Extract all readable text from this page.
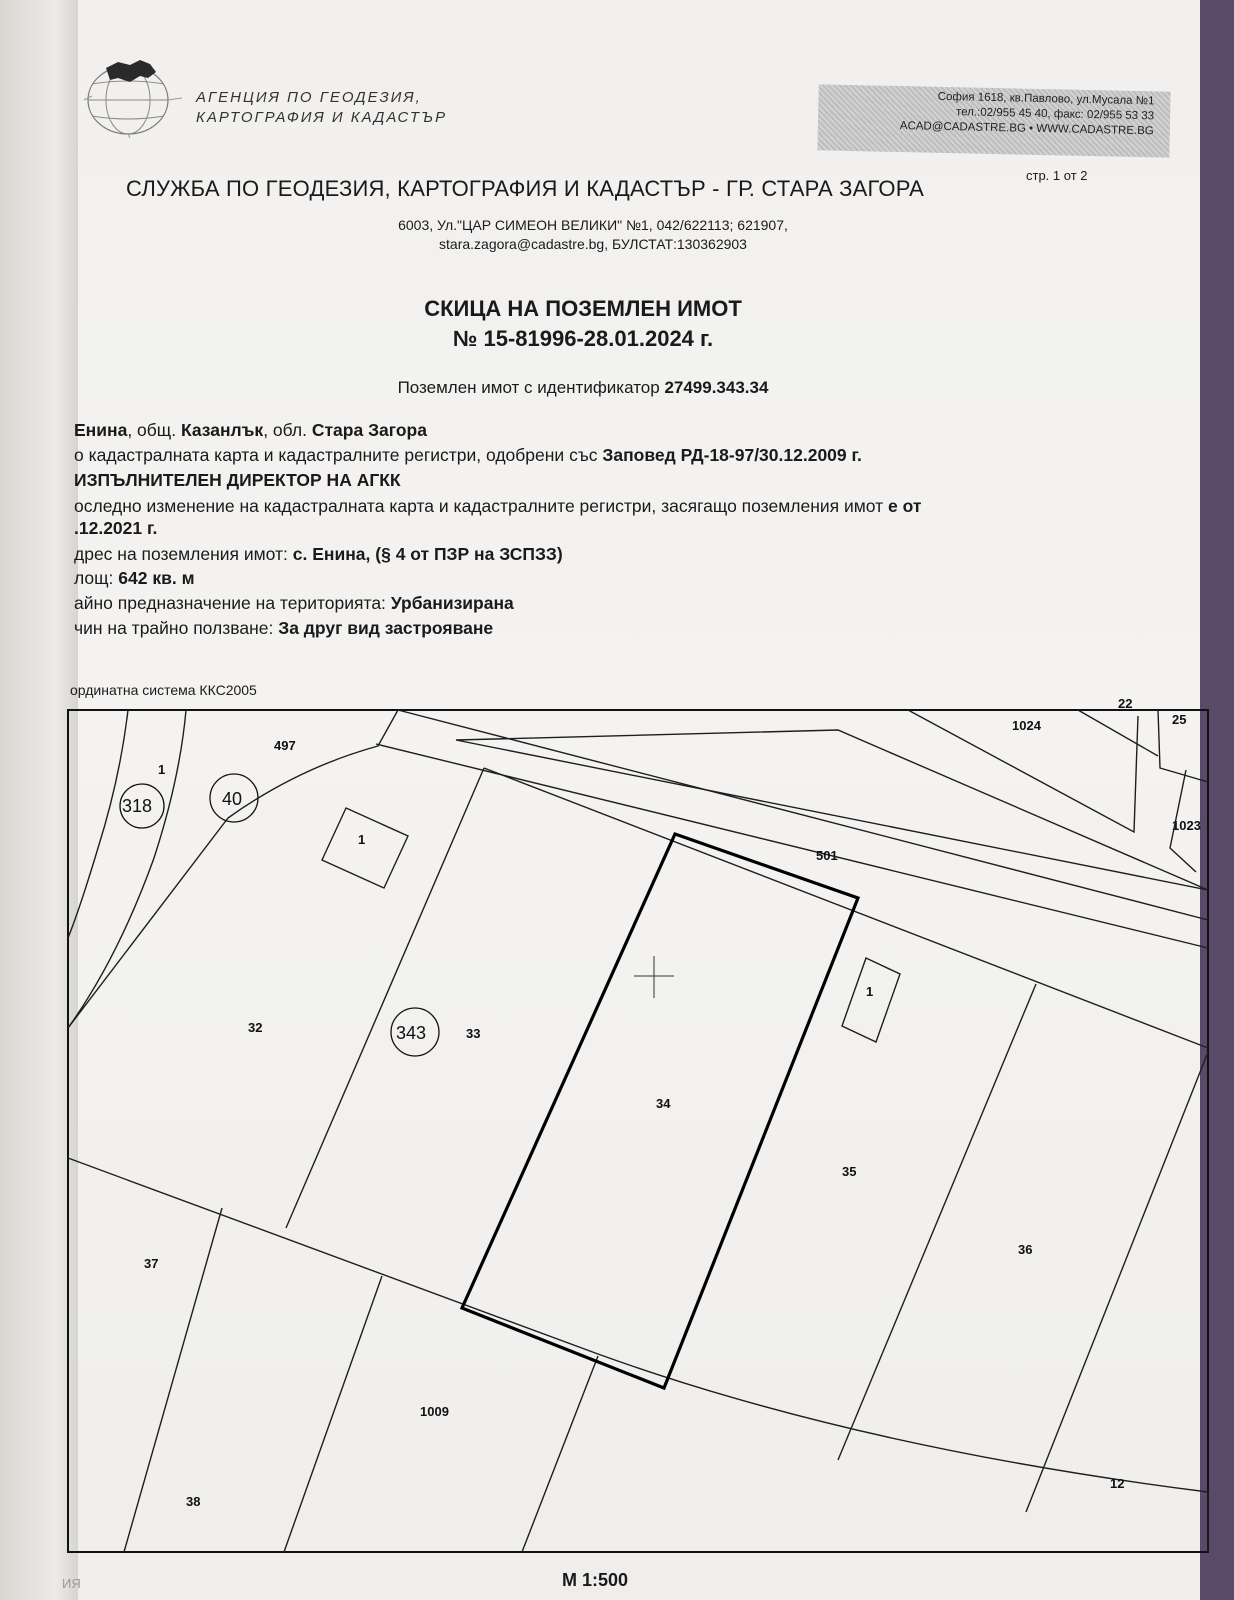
АГЕНЦИЯ ПО ГЕОДЕЗИЯ,
КАРТОГРАФИЯ И КАДАСТЪР
София 1618, кв.Павлово, ул.Мусала №1
тел.:02/955 45 40, факс: 02/955 53 33
ACAD@CADASTRE.BG • WWW.CADASTRE.BG
стр. 1 от 2
СЛУЖБА ПО ГЕОДЕЗИЯ, КАРТОГРАФИЯ И КАДАСТЪР - ГР. СТАРА ЗАГОРА
6003, Ул."ЦАР СИМЕОН ВЕЛИКИ" №1, 042/622113; 621907,
stara.zagora@cadastre.bg, БУЛСТАТ:130362903
СКИЦА НА ПОЗЕМЛЕН ИМОТ
№ 15-81996-28.01.2024 г.
Поземлен имот с идентификатор 27499.343.34
Енина, общ. Казанлък, обл. Стара Загора
о кадастралната карта и кадастралните регистри, одобрени със Заповед РД-18-97/30.12.2009 г.
ИЗПЪЛНИТЕЛЕН ДИРЕКТОР НА АГКК
оследно изменение на кадастралната карта и кадастралните регистри, засягащо поземления имот е от
.12.2021 г.
дрес на поземления имот: с. Енина, (§ 4 от ПЗР на ЗСПЗЗ)
лощ: 642 кв. м
айно предназначение на територията: Урбанизирана
чин на трайно ползване: За друг вид застрояване
ординатна система ККС2005
497
1
1024
22
25
1023
501
1
1
32	33
34
35
36
37
1009
38
12
318	40
343
М 1:500
ИЯ
